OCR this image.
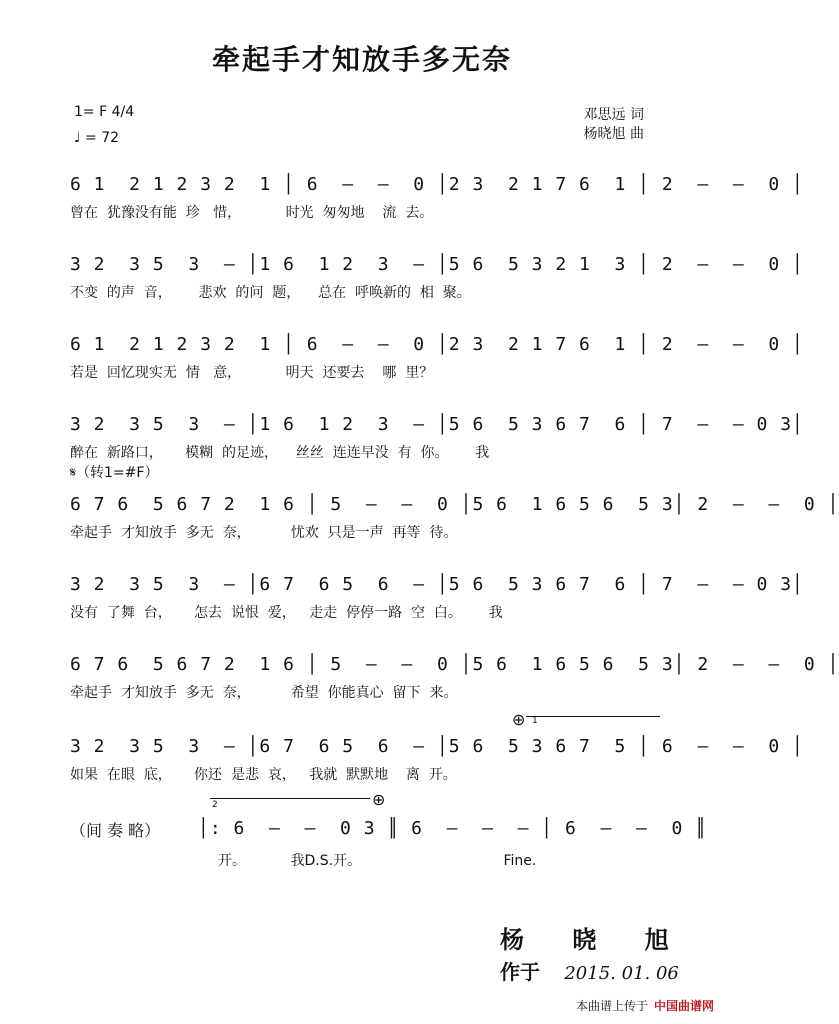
牵起手才知放手多无奈
1= F 4/4
♩ = 72
邓思远 词
杨晓旭 曲
6 1  2 1 2 3 2  1 │ 6  —  —  0 │2 3  2 1 7 6  1 │ 2  —  —  0 │
曾在  犹豫没有能  珍   惜，          时光  匆匆地    流  去。
3 2  3 5  3  — │1 6  1 2  3  — │5 6  5 3 2 1  3 │ 2  —  —  0 │
不变  的声  音，      悲欢  的问  题，    总在  呼唤新的  相  聚。
6 1  2 1 2 3 2  1 │ 6  —  —  0 │2 3  2 1 7 6  1 │ 2  —  —  0 │
若是  回忆现实无  情   意，          明天  还要去    哪  里？
3 2  3 5  3  — │1 6  1 2  3  — │5 6  5 3 6 7  6 │ 7  —  — 0 3│
醉在  新路口，     模糊  的足迹，    丝丝  连连早没  有  你。      我
6 7 6  5 6 7 2  1 6 │ 5  —  —  0 │5 6  1 6 5 6  5 3│ 2  —  —  0 │
牵起手  才知放手  多无  奈，         忧欢  只是一声  再等  待。
3 2  3 5  3  — │6 7  6 5  6  — │5 6  5 3 6 7  6 │ 7  —  — 0 3│
没有  了舞  台，     怎去  说恨  爱，   走走  停停一路  空  白。      我
6 7 6  5 6 7 2  1 6 │ 5  —  —  0 │5 6  1 6 5 6  5 3│ 2  —  —  0 │
牵起手  才知放手  多无  奈，         希望  你能真心  留下  来。
3 2  3 5  3  — │6 7  6 5  6  — │5 6  5 3 6 7  5 │ 6  —  —  0 │
如果  在眼  底，     你还  是悲  哀，   我就  默默地    离  开。
𝄋（转1=#F）
⊕ 1
2	⊕
（间 奏 略） │: 6  —  —  0 3 ║ 6  —  —  — │ 6  —  —  0 ║
开。          我D.S.开。                                Fine.
杨 晓 旭
作于 2015. 01. 06
本曲谱上传于 中国曲谱网
